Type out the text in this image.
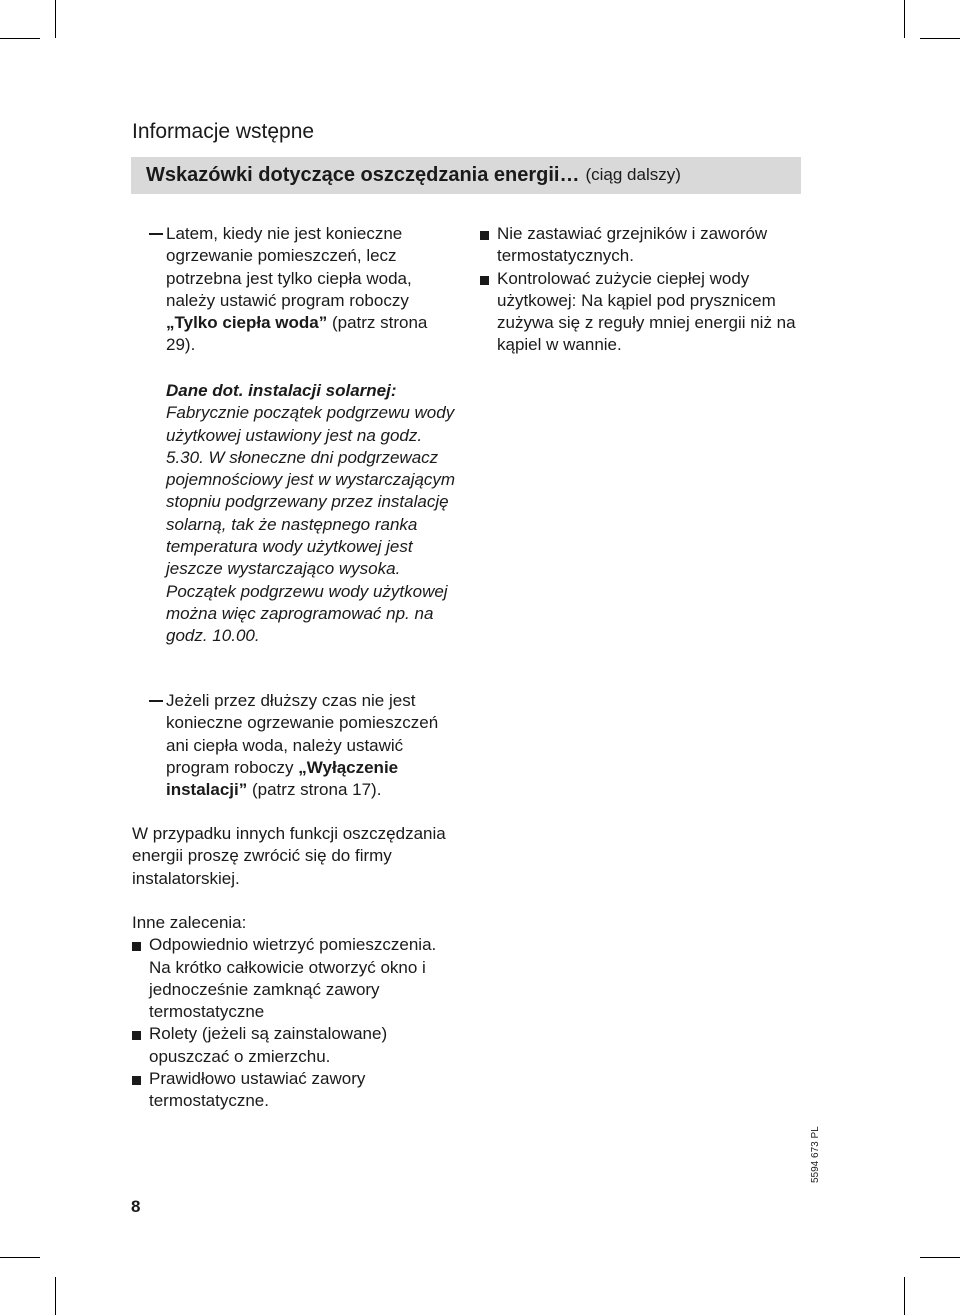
Informacje wstępne
Wskazówki dotyczące oszczędzania energii… (ciąg dalszy)
Latem, kiedy nie jest konieczne ogrzewanie pomieszczeń, lecz potrzebna jest tylko ciepła woda, należy ustawić program roboczy „Tylko ciepła woda” (patrz strona 29).
Dane dot. instalacji solarnej:
Fabrycznie początek podgrzewu wody użytkowej ustawiony jest na godz. 5.30. W słoneczne dni podgrzewacz pojemnościowy jest w wystarczającym stopniu podgrzewany przez instalację solarną, tak że następnego ranka temperatura wody użytkowej jest jeszcze wystarczająco wysoka. Początek podgrzewu wody użytkowej można więc zaprogramować np. na godz. 10.00.
Jeżeli przez dłuższy czas nie jest konieczne ogrzewanie pomieszczeń ani ciepła woda, należy ustawić program roboczy „Wyłączenie instalacji” (patrz strona 17).
W przypadku innych funkcji oszczędzania energii proszę zwrócić się do firmy instalatorskiej.
Inne zalecenia:
Odpowiednio wietrzyć pomieszczenia.
Na krótko całkowicie otworzyć okno i jednocześnie zamknąć zawory termostatyczne
Rolety (jeżeli są zainstalowane) opuszczać o zmierzchu.
Prawidłowo ustawiać zawory termostatyczne.
Nie zastawiać grzejników i zaworów termostatycznych.
Kontrolować zużycie ciepłej wody użytkowej: Na kąpiel pod prysznicem zużywa się z reguły mniej energii niż na kąpiel w wannie.
8
5594 673 PL
